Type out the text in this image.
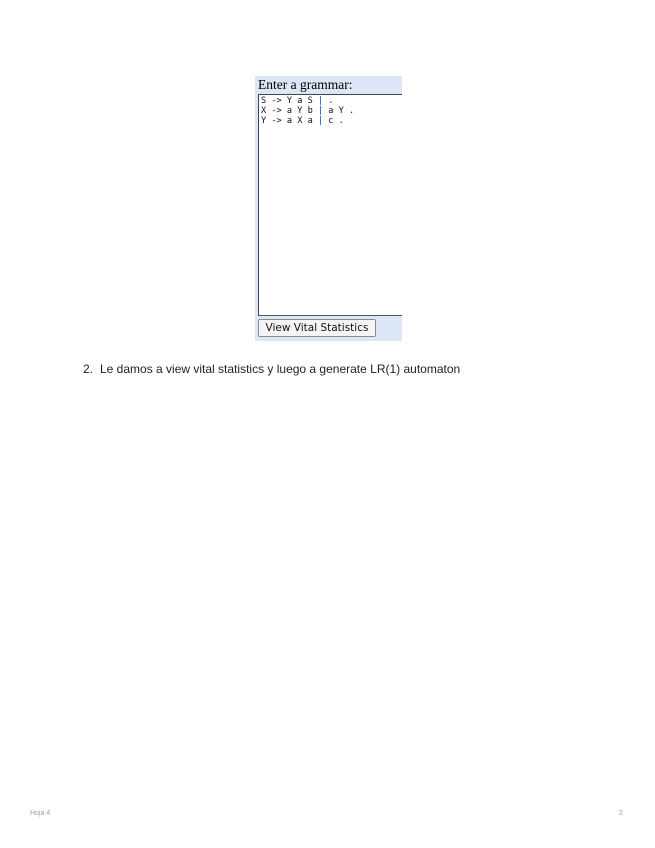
Enter a grammar:
S -> Y a S | .
X -> a Y b | a Y .
Y -> a X a | c .
View Vital Statistics
2. Le damos a view vital statistics y luego a generate LR(1) automaton
Hoja 4	2
